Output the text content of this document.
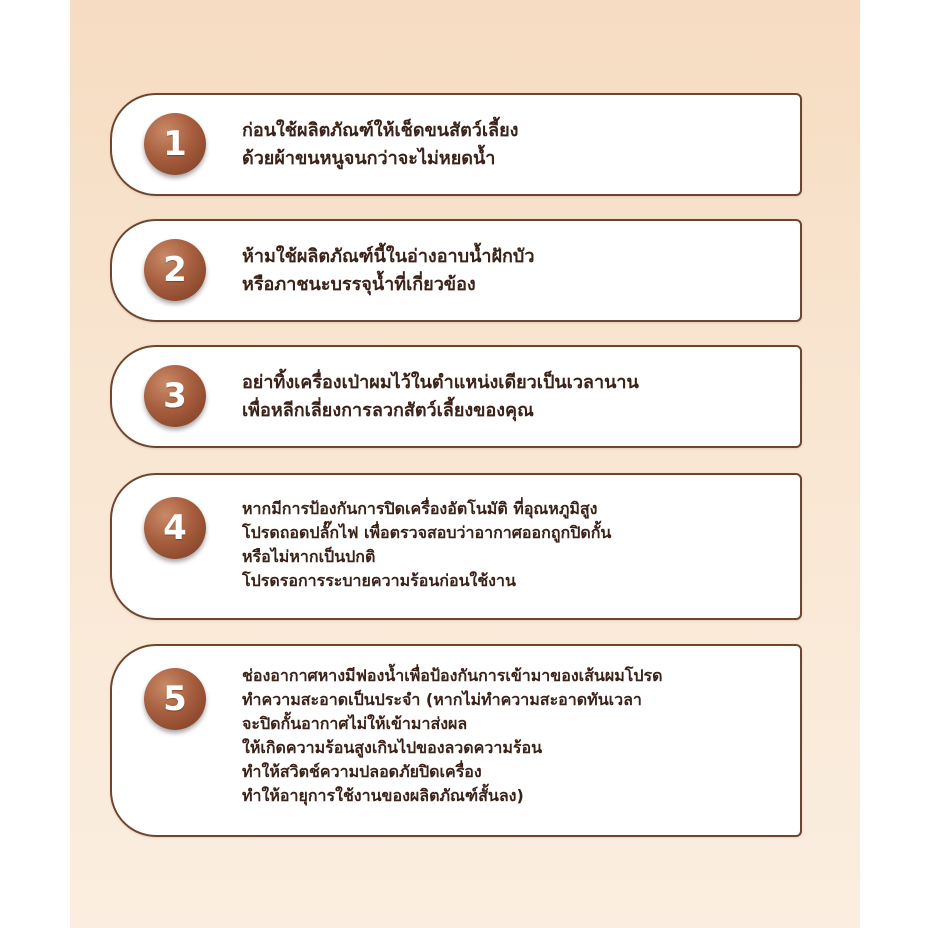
1	ก่อนใช้ผลิตภัณฑ์ให้เช็ดขนสัตว์เลี้ยง
ด้วยผ้าขนหนูจนกว่าจะไม่หยดน้ำ
2	ห้ามใช้ผลิตภัณฑ์นี้ในอ่างอาบน้ำฝักบัว
หรือภาชนะบรรจุน้ำที่เกี่ยวข้อง
3	อย่าทิ้งเครื่องเป่าผมไว้ในตำแหน่งเดียวเป็นเวลานาน
เพื่อหลีกเลี่ยงการลวกสัตว์เลี้ยงของคุณ
4	หากมีการป้องกันการปิดเครื่องอัตโนมัติ ที่อุณหภูมิสูง
โปรดถอดปลั๊กไฟ เพื่อตรวจสอบว่าอากาศออกถูกปิดกั้น
หรือไม่หากเป็นปกติ
โปรดรอการระบายความร้อนก่อนใช้งาน
5
ช่องอากาศหางมีฟองน้ำเพื่อป้องกันการเข้ามาของเส้นผมโปรด
ทำความสะอาดเป็นประจำ (หากไม่ทำความสะอาดทันเวลา
จะปิดกั้นอากาศไม่ให้เข้ามาส่งผล
ให้เกิดความร้อนสูงเกินไปของลวดความร้อน
ทำให้สวิตช์ความปลอดภัยปิดเครื่อง
ทำให้อายุการใช้งานของผลิตภัณฑ์สั้นลง)
